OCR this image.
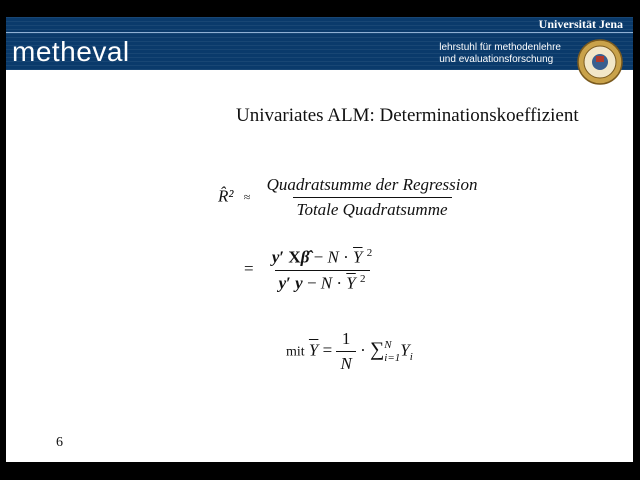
Universität Jena
metheval	lehrstuhl für methodenlehre
und evaluationsforschung
Univariates ALM: Determinationskoeffizient
R̂² ≈ $\frac{\text{Quadratsumme der Regression}}{\text{Totale Quadratsumme}}$
= $\frac{y' X\betâ - N \cdot \overline{Y} ^2}{y' y - N \cdot \overline{Y} ^2}$
mit $\overline{Y} = \frac{1}{N}$ · ∑ N
i=1 $Y_i$
6
